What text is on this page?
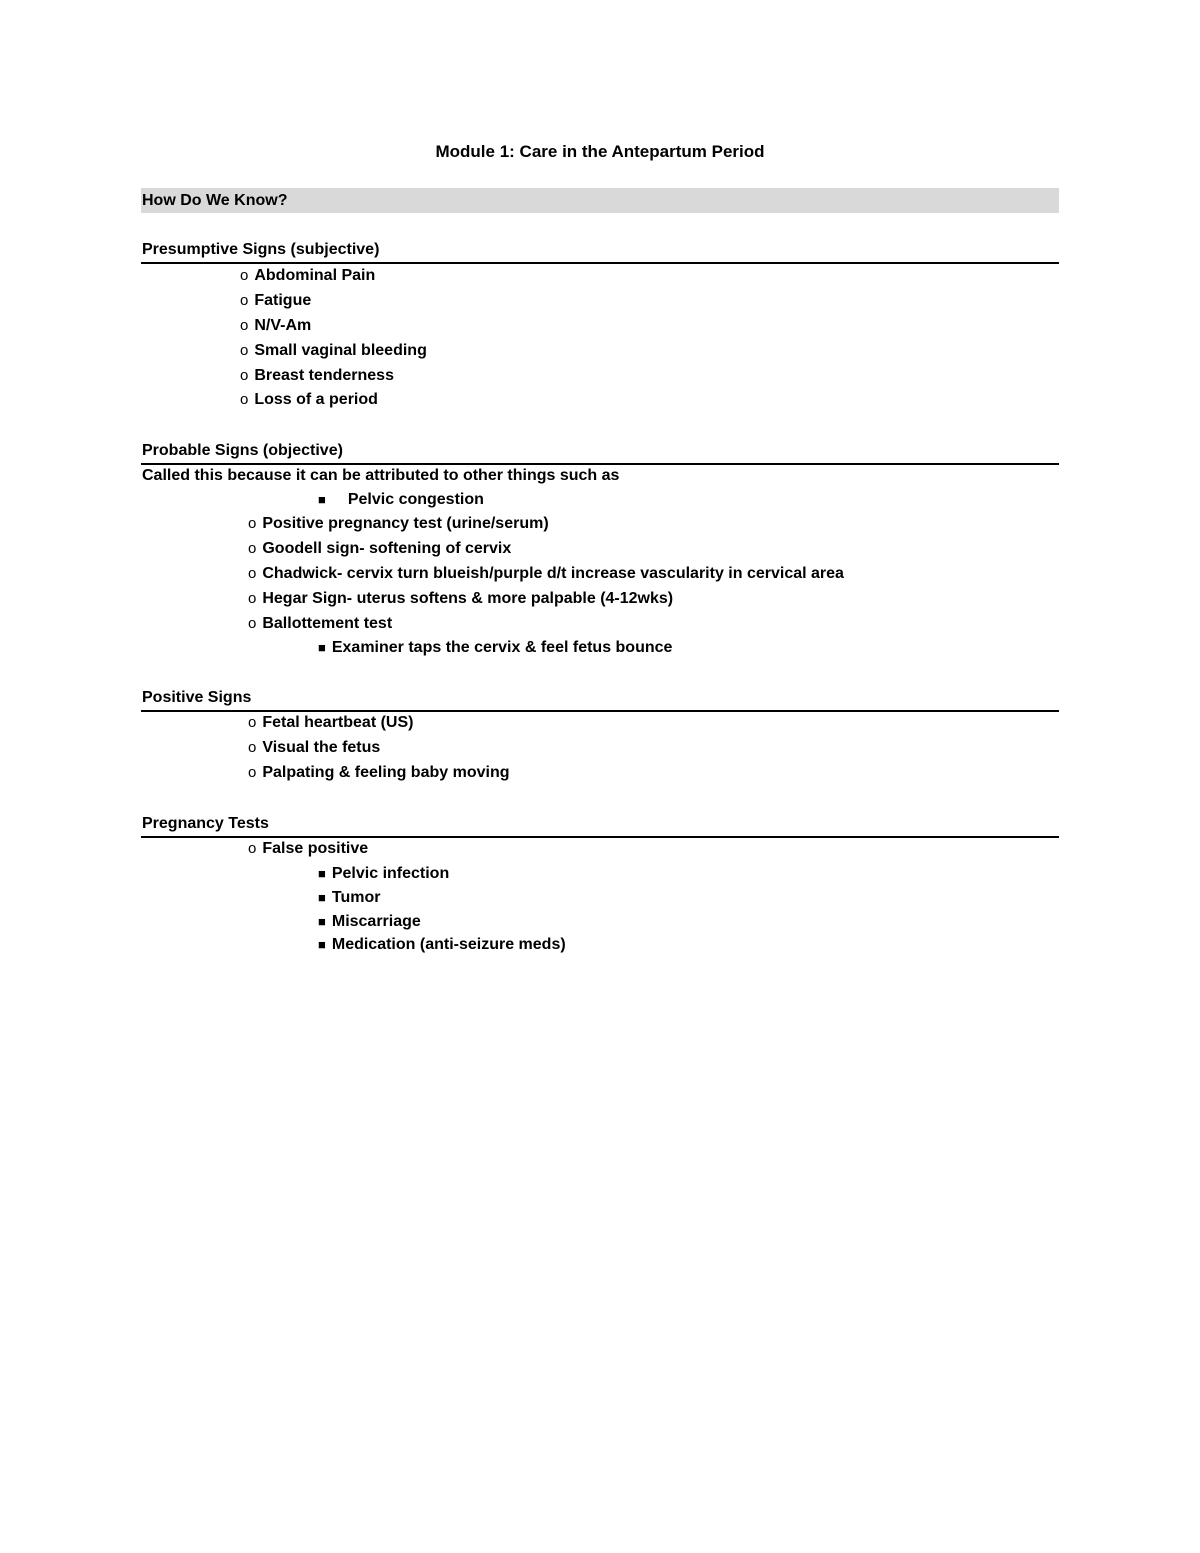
Module 1: Care in the Antepartum Period
How Do We Know?
Presumptive Signs (subjective)
o Abdominal Pain
o Fatigue
o N/V-Am
o Small vaginal bleeding
o Breast tenderness
o Loss of a period
Probable Signs (objective)
Called this because it can be attributed to other things such as
■ Pelvic congestion
o Positive pregnancy test (urine/serum)
o Goodell sign- softening of cervix
o Chadwick- cervix turn blueish/purple d/t increase vascularity in cervical area
o Hegar Sign- uterus softens & more palpable (4-12wks)
o Ballottement test
■ Examiner taps the cervix & feel fetus bounce
Positive Signs
o Fetal heartbeat (US)
o Visual the fetus
o Palpating & feeling baby moving
Pregnancy Tests
o False positive
■ Pelvic infection
■ Tumor
■ Miscarriage
■ Medication (anti-seizure meds)
